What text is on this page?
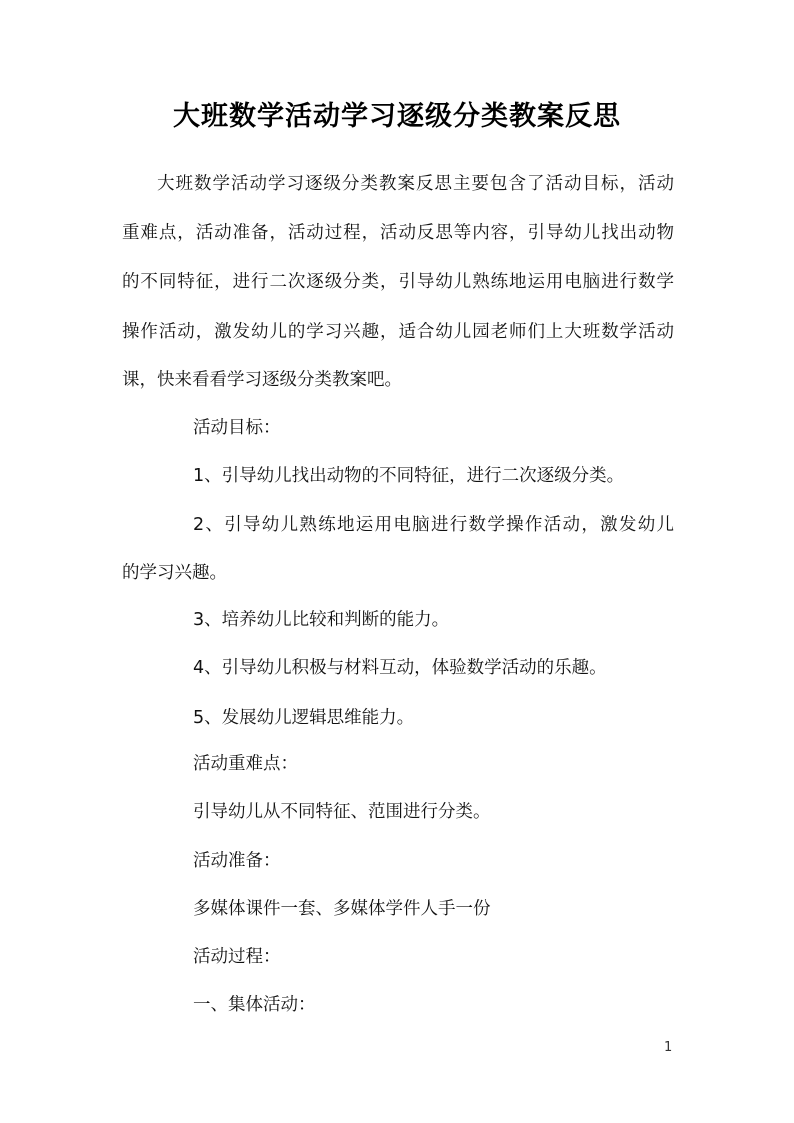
大班数学活动学习逐级分类教案反思
大班数学活动学习逐级分类教案反思主要包含了活动目标，活动
重难点，活动准备，活动过程，活动反思等内容，引导幼儿找出动物
的不同特征，进行二次逐级分类，引导幼儿熟练地运用电脑进行数学
操作活动，激发幼儿的学习兴趣，适合幼儿园老师们上大班数学活动
课，快来看看学习逐级分类教案吧。
活动目标：
1、引导幼儿找出动物的不同特征，进行二次逐级分类。
2、引导幼儿熟练地运用电脑进行数学操作活动，激发幼儿
的学习兴趣。
3、培养幼儿比较和判断的能力。
4、引导幼儿积极与材料互动，体验数学活动的乐趣。
5、发展幼儿逻辑思维能力。
活动重难点：
引导幼儿从不同特征、范围进行分类。
活动准备：
多媒体课件一套、多媒体学件人手一份
活动过程：
一、集体活动：
1
